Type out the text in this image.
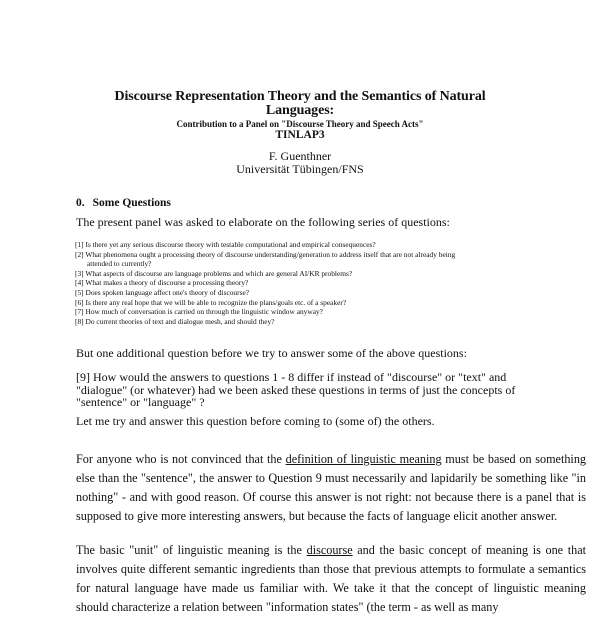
Discourse Representation Theory and the Semantics of Natural
Languages:
Contribution to a Panel on "Discourse Theory and Speech Acts"
TINLAP3
F. Guenthner
Universität Tübingen/FNS
0. Some Questions
The present panel was asked to elaborate on the following series of questions:
[1] Is there yet any serious discourse theory with testable computational and empirical consequences?
[2] What phenomena ought a processing theory of discourse understanding/generation to address itself that are not already being
attended to currently?
[3] What aspects of discourse are language problems and which are general AI/KR problems?
[4] What makes a theory of discourse a processing theory?
[5] Does spoken language affect one's theory of discourse?
[6] Is there any real hope that we will be able to recognize the plans/goals etc. of a speaker?
[7] How much of conversation is carried on through the linguistic window anyway?
[8] Do current theories of text and dialogue mesh, and should they?
But one additional question before we try to answer some of the above questions:
[9] How would the answers to questions 1 - 8 differ if instead of "discourse" or "text" and
"dialogue" (or whatever) had we been asked these questions in terms of just the concepts of
"sentence" or "language" ?
Let me try and answer this question before coming to (some of) the others.
For anyone who is not convinced that the definition of linguistic meaning must be based on something else than the "sentence", the answer to Question 9 must necessarily and lapidarily be something like "in nothing" - and with good reason. Of course this answer is not right: not because there is a panel that is supposed to give more interesting answers, but because the facts of language elicit another answer.
The basic "unit" of linguistic meaning is the discourse and the basic concept of meaning is one that involves quite different semantic ingredients than those that previous attempts to formulate a semantics for natural language have made us familiar with. We take it that the concept of linguistic meaning should characterize a relation between "information states" (the term - as well as many
